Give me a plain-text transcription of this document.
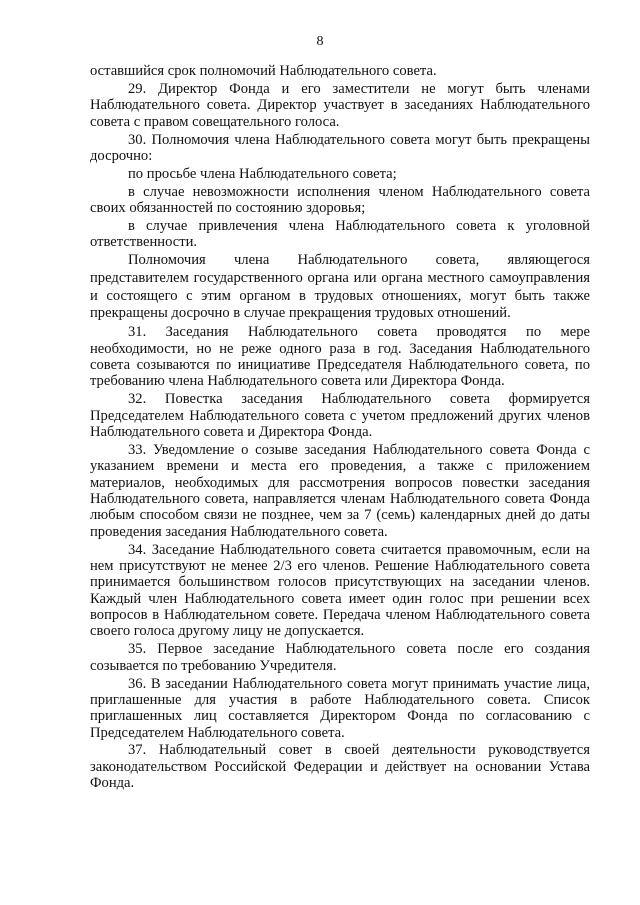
8

оставшийся срок полномочий Наблюдательного совета.

29. Директор Фонда и его заместители не могут быть членами Наблюдательного совета. Директор участвует в заседаниях Наблюдательного совета с правом совещательного голоса.

30. Полномочия члена Наблюдательного совета могут быть прекращены досрочно:

по просьбе члена Наблюдательного совета;

в случае невозможности исполнения членом Наблюдательного совета своих обязанностей по состоянию здоровья;

в случае привлечения члена Наблюдательного совета к уголовной ответственности.

Полномочия члена Наблюдательного совета, являющегося представителем государственного органа или органа местного самоуправления и состоящего с этим органом в трудовых отношениях, могут быть также прекращены досрочно в случае прекращения трудовых отношений.

31. Заседания Наблюдательного совета проводятся по мере необходимости, но не реже одного раза в год. Заседания Наблюдательного совета созываются по инициативе Председателя Наблюдательного совета, по требованию члена Наблюдательного совета или Директора Фонда.

32. Повестка заседания Наблюдательного совета формируется Председателем Наблюдательного совета с учетом предложений других членов Наблюдательного совета и Директора Фонда.

33. Уведомление о созыве заседания Наблюдательного совета Фонда с указанием времени и места его проведения, а также с приложением материалов, необходимых для рассмотрения вопросов повестки заседания Наблюдательного совета, направляется членам Наблюдательного совета Фонда любым способом связи не позднее, чем за 7 (семь) календарных дней до даты проведения заседания Наблюдательного совета.

34. Заседание Наблюдательного совета считается правомочным, если на нем присутствуют не менее 2/3 его членов. Решение Наблюдательного совета принимается большинством голосов присутствующих на заседании членов. Каждый член Наблюдательного совета имеет один голос при решении всех вопросов в Наблюдательном совете. Передача членом Наблюдательного совета своего голоса другому лицу не допускается.

35. Первое заседание Наблюдательного совета после его создания созывается по требованию Учредителя.

36. В заседании Наблюдательного совета могут принимать участие лица, приглашенные для участия в работе Наблюдательного совета. Список приглашенных лиц составляется Директором Фонда по согласованию с Председателем Наблюдательного совета.

37. Наблюдательный совет в своей деятельности руководствуется законодательством Российской Федерации и действует на основании Устава Фонда.
